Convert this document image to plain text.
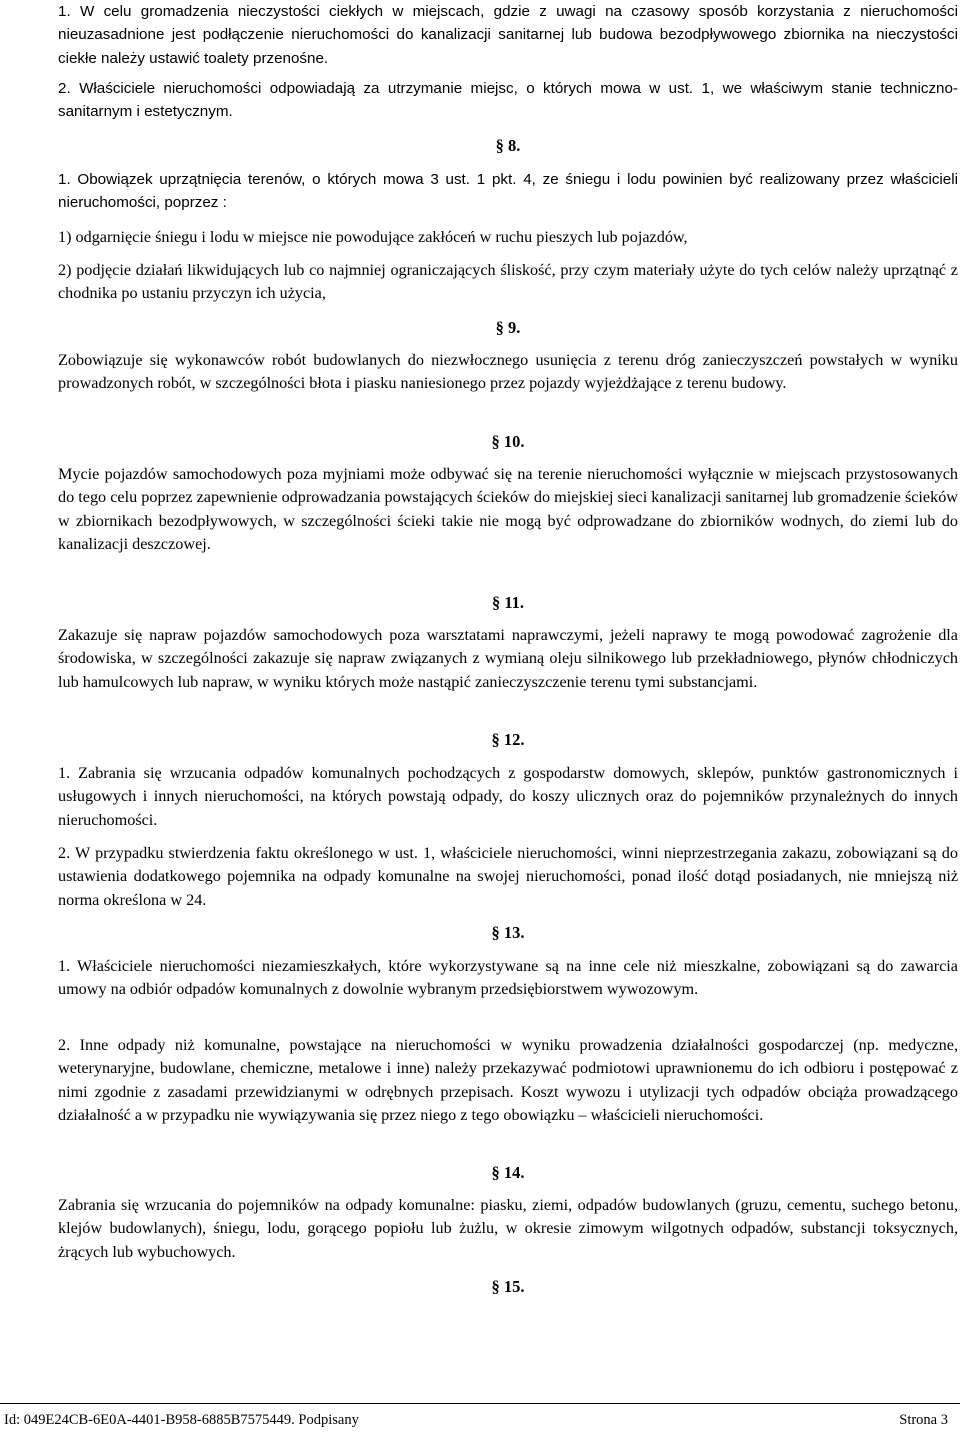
1. W celu gromadzenia nieczystości ciekłych w miejscach, gdzie z uwagi na czasowy sposób korzystania z nieruchomości nieuzasadnione jest podłączenie nieruchomości do kanalizacji sanitarnej lub budowa bezodpływowego zbiornika na nieczystości ciekłe należy ustawić toalety przenośne.

2. Właściciele nieruchomości odpowiadają za utrzymanie miejsc, o których mowa w ust. 1, we właściwym stanie techniczno-sanitarnym i estetycznym.

§ 8.

1. Obowiązek uprzątnięcia terenów, o których mowa 3 ust. 1 pkt. 4, ze śniegu i lodu powinien być realizowany przez właścicieli nieruchomości, poprzez :

1) odgarnięcie śniegu i lodu w miejsce nie powodujące zakłóceń w ruchu pieszych lub pojazdów,

2) podjęcie działań likwidujących lub co najmniej ograniczających śliskość, przy czym materiały użyte do tych celów należy uprzątnąć z chodnika po ustaniu przyczyn ich użycia,

§ 9.

Zobowiązuje się wykonawców robót budowlanych do niezwłocznego usunięcia z terenu dróg zanieczyszczeń powstałych w wyniku prowadzonych robót, w szczególności błota i piasku naniesionego przez pojazdy wyjeżdżające z terenu budowy.

§ 10.

Mycie pojazdów samochodowych poza myjniami może odbywać się na terenie nieruchomości wyłącznie w miejscach przystosowanych do tego celu poprzez zapewnienie odprowadzania powstających ścieków do miejskiej sieci kanalizacji sanitarnej lub gromadzenie ścieków w zbiornikach bezodpływowych, w szczególności ścieki takie nie mogą być odprowadzane do zbiorników wodnych, do ziemi lub do kanalizacji deszczowej.

§ 11.

Zakazuje się napraw pojazdów samochodowych poza warsztatami naprawczymi, jeżeli naprawy te mogą powodować zagrożenie dla środowiska, w szczególności zakazuje się napraw związanych z wymianą oleju silnikowego lub przekładniowego, płynów chłodniczych lub hamulcowych lub napraw, w wyniku których może nastąpić zanieczyszczenie terenu tymi substancjami.

§ 12.

1. Zabrania się wrzucania odpadów komunalnych pochodzących z gospodarstw domowych, sklepów, punktów gastronomicznych i usługowych i innych nieruchomości, na których powstają odpady, do koszy ulicznych oraz do pojemników przynależnych do innych nieruchomości.

2. W przypadku stwierdzenia faktu określonego w ust. 1, właściciele nieruchomości, winni nieprzestrzegania zakazu, zobowiązani są do ustawienia dodatkowego pojemnika na odpady komunalne na swojej nieruchomości, ponad ilość dotąd posiadanych, nie mniejszą niż norma określona w 24.

§ 13.

1. Właściciele nieruchomości niezamieszkałych, które wykorzystywane są na inne cele niż mieszkalne, zobowiązani są do zawarcia umowy na odbiór odpadów komunalnych z dowolnie wybranym przedsiębiorstwem wywozowym.

2. Inne odpady niż komunalne, powstające na nieruchomości w wyniku prowadzenia działalności gospodarczej (np. medyczne, weterynaryjne, budowlane, chemiczne, metalowe i inne) należy przekazywać podmiotowi uprawnionemu do ich odbioru i postępować z nimi zgodnie z zasadami przewidzianymi w odrębnych przepisach. Koszt wywozu i utylizacji tych odpadów obciąża prowadzącego działalność a w przypadku nie wywiązywania się przez niego z tego obowiązku – właścicieli nieruchomości.

§ 14.

Zabrania się wrzucania do pojemników na odpady komunalne: piasku, ziemi, odpadów budowlanych (gruzu, cementu, suchego betonu, klejów budowlanych), śniegu, lodu, gorącego popiołu lub żużlu, w okresie zimowym wilgotnych odpadów, substancji toksycznych, żrących lub wybuchowych.

§ 15.
Id: 049E24CB-6E0A-4401-B958-6885B7575449. Podpisany	Strona 3
